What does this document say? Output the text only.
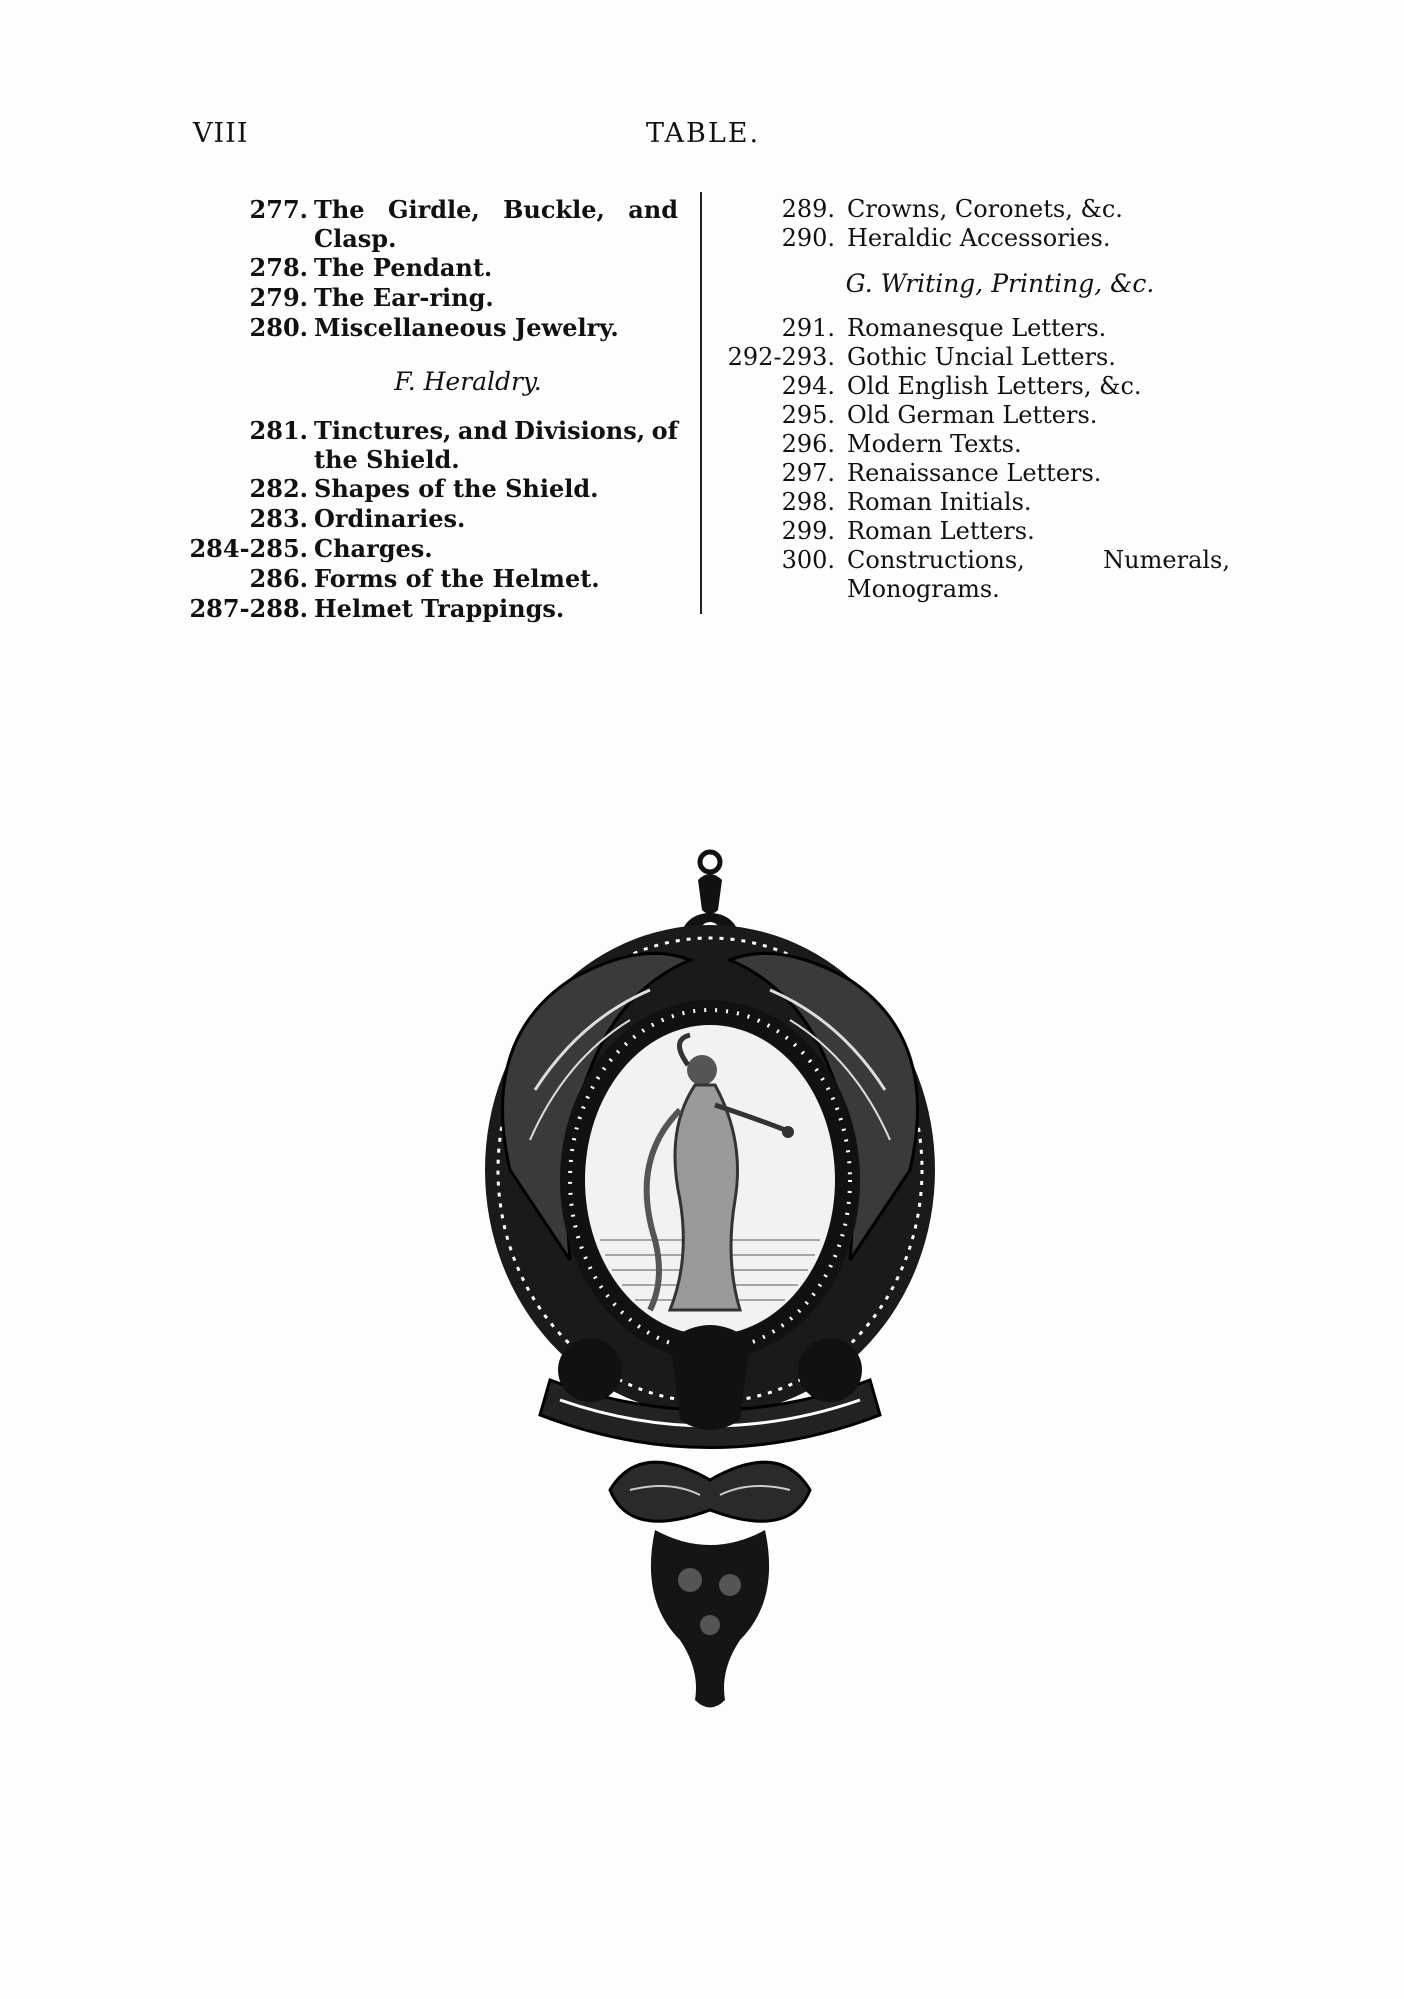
VIII	TABLE.
277. The Girdle, Buckle, and
Clasp.
278. The Pendant.
279. The Ear-ring.
280. Miscellaneous Jewelry.
F. Heraldry.
281. Tinctures, and Divisions, of
the Shield.
282. Shapes of the Shield.
283. Ordinaries.
284-285. Charges.
286. Forms of the Helmet.
287-288. Helmet Trappings.
289. Crowns, Coronets, &c.
290. Heraldic Accessories.
G. Writing, Printing, &c.
291. Romanesque Letters.
292-293. Gothic Uncial Letters.
294. Old English Letters, &c.
295. Old German Letters.
296. Modern Texts.
297. Renaissance Letters.
298. Roman Initials.
299. Roman Letters.
300. Constructions,	Numerals,
Monograms.
